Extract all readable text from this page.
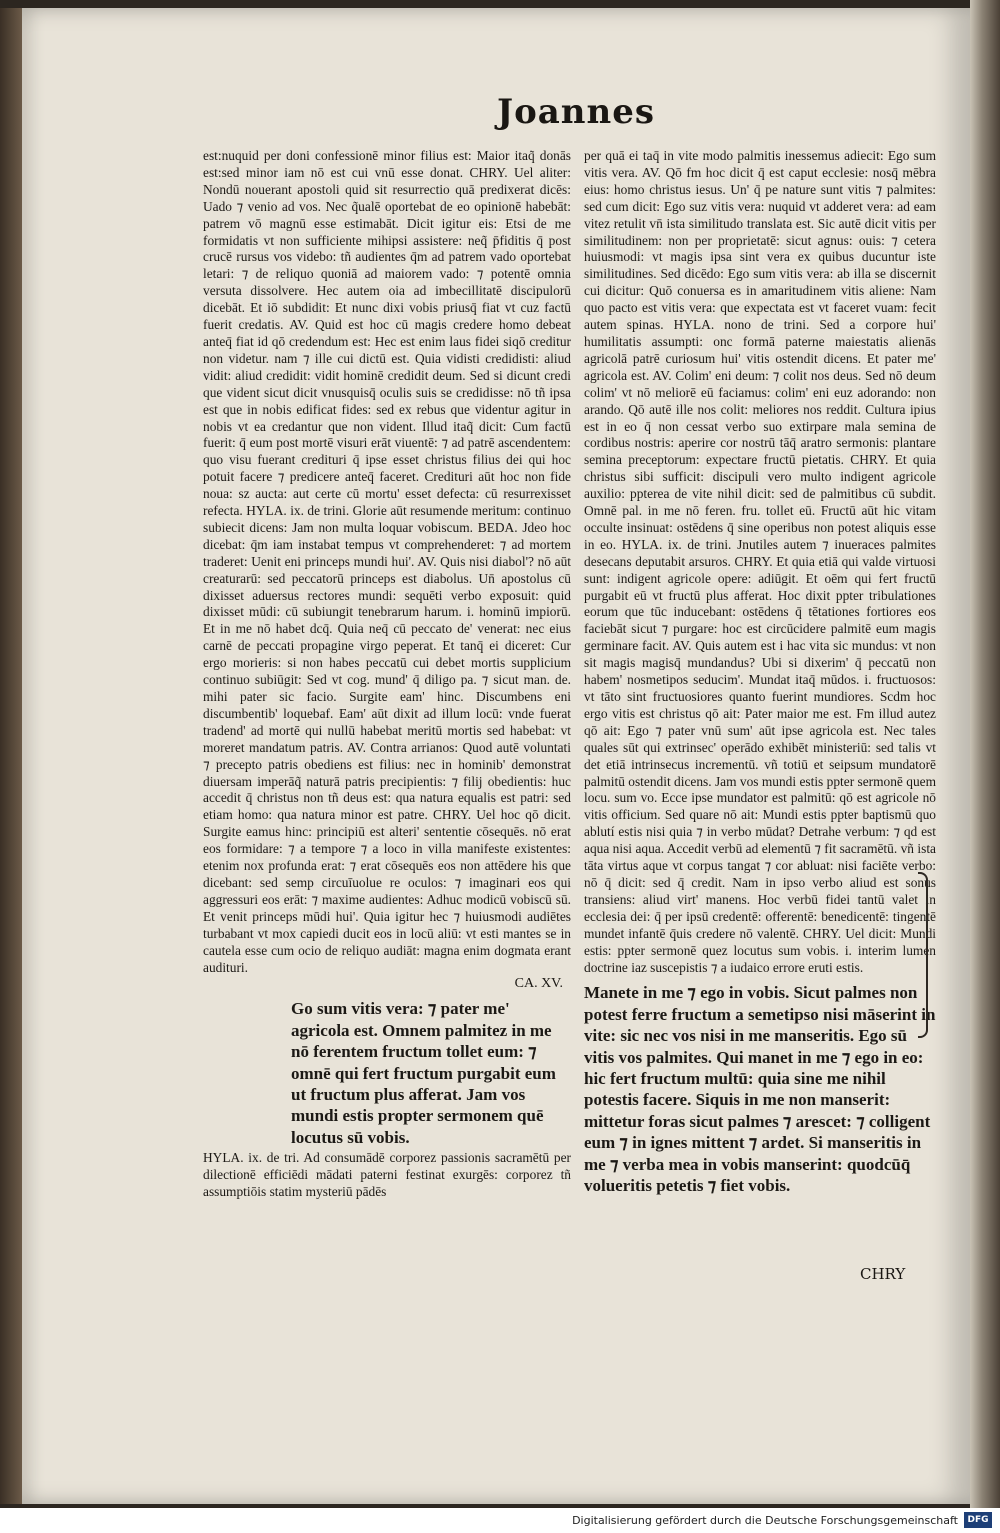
Joannes

est:nuquid per doni confessionē minor filius est: Maior itaq̃ donās est:sed minor iam nō est cui vnū esse donat. CHRY. Uel aliter: Nondū nouerant apostoli quid sit resurrectio quā predixerat dicēs: Uado ⁊ venio ad vos. Nec q̃ualē oportebat de eo opinionē habebāt: patrem vō magnū esse estimabāt. Dicit igitur eis: Etsi de me formidatis vt non sufficiente mihipsi assistere: neq̃ p̄fiditis q̄ post crucē rursus vos videbo: tñ audientes q̄m ad patrem vado oportebat letari: ⁊ de reliquo quoniā ad maiorem vado: ⁊ potentē omnia versuta dissolvere. Hec autem oia ad imbecillitatē discipulorū dicebāt. Et iō subdidit: Et nunc dixi vobis priusq̄ fiat vt cuz factū fuerit credatis. AV. Quid est hoc cū magis credere homo debeat anteq̄ fiat id qō credendum est: Hec est enim laus fidei siqō creditur non videtur. nam ⁊ ille cui dictū est. Quia vidisti credidisti: aliud vidit: aliud credidit: vidit hominē credidit deum. Sed si dicunt credi que vident sicut dicit vnusquisq̄ oculis suis se credidisse: nō tñ ipsa est que in nobis edificat fides: sed ex rebus que videntur agitur in nobis vt ea credantur que non vident. Illud itaq̃ dicit: Cum factū fuerit: q̄ eum post mortē visuri erāt viuentē: ⁊ ad patrē ascendentem: quo visu fuerant credituri q̄ ipse esset christus filius dei qui hoc potuit facere ⁊ predicere anteq̄ faceret. Credituri aūt hoc non fide noua: sz aucta: aut certe cū mortu' esset defecta: cū resurrexisset refecta. HYLA. ix. de trini. Glorie aūt resumende meritum: continuo subiecit dicens: Jam non multa loquar vobiscum. BEDA. Jdeo hoc dicebat: q̄m iam instabat tempus vt comprehenderet: ⁊ ad mortem traderet: Uenit eni princeps mundi hui'. AV. Quis nisi diabol'? nō aūt creaturarū: sed peccatorū princeps est diabolus. Un̄ apostolus cū dixisset aduersus rectores mundi: sequēti verbo exposuit: quid dixisset mūdi: cū subiungit tenebrarum harum. i. hominū impiorū. Et in me nō habet dcq̄. Quia neq̄ cū peccato de' venerat: nec eius carnē de peccati propagine virgo peperat. Et tanq̄ ei diceret: Cur ergo morieris: si non habes peccatū cui debet mortis supplicium continuo subiūgit: Sed vt cog. mund' q̄ diligo pa. ⁊ sicut man. de. mihi pater sic facio. Surgite eam' hinc. Discumbens eni discumbentib' loquebaf. Eam' aūt dixit ad illum locū: vnde fuerat tradend' ad mortē qui nullū habebat meritū mortis sed habebat: vt moreret mandatum patris. AV. Contra arrianos: Quod autē voluntati ⁊ precepto patris obediens est filius: nec in hominib' demonstrat diuersam imperāq̃ naturā patris precipientis: ⁊ filij obedientis: huc accedit q̄ christus non tñ deus est: qua natura equalis est patri: sed etiam homo: qua natura minor est patre. CHRY. Uel hoc qō dicit. Surgite eamus hinc: principiū est alteri' sententie cōsequēs. nō erat eos formidare: ⁊ a tempore ⁊ a loco in villa manifeste existentes: etenim nox profunda erat: ⁊ erat cōsequēs eos non attēdere his que dicebant: sed semp circuīuolue re oculos: ⁊ imaginari eos qui aggressuri eos erāt: ⁊ maxime audientes: Adhuc modicū vobiscū sū. Et venit princeps mūdi hui'. Quia igitur hec ⁊ huiusmodi audiētes turbabant vt mox capiedi ducit eos in locū aliū: vt esti mantes se in cautela esse cum ocio de reliquo audiāt: magna enim dogmata erant audituri.

CA. XV.

Go sum vitis vera: ⁊ pater me' agricola est. Omnem palmitez in me nō ferentem fructum tollet eum: ⁊ omnē qui fert fructum purgabit eum ut fructum plus afferat. Jam vos mundi estis propter sermonem quē locutus sū vobis.

HYLA. ix. de tri. Ad consumādē corporez passionis sacramētū per dilectionē efficiēdi mādati paterni festinat exurgēs: corporez tñ assumptiōis statim mysteriū pādēs

per quā ei taq̄ in vite modo palmitis inessemus adiecit: Ego sum vitis vera. AV. Qō fm hoc dicit q̄ est caput ecclesie: nosq̄ mēbra eius: homo christus iesus. Un' q̄ pe nature sunt vitis ⁊ palmites: sed cum dicit: Ego suz vitis vera: nuquid vt adderet vera: ad eam vitez retulit vn̄ ista similitudo translata est. Sic autē dicit vitis per similitudinem: non per proprietatē: sicut agnus: ouis: ⁊ cetera huiusmodi: vt magis ipsa sint vera ex quibus ducuntur iste similitudines. Sed dicēdo: Ego sum vitis vera: ab illa se discernit cui dicitur: Quō conuersa es in amaritudinem vitis aliene: Nam quo pacto est vitis vera: que expectata est vt faceret vuam: fecit autem spinas. HYLA. nono de trini. Sed a corpore hui' humilitatis assumpti: onc formā paterne maiestatis alienās agricolā patrē curiosum hui' vitis ostendit dicens. Et pater me' agricola est. AV. Colim' eni deum: ⁊ colit nos deus. Sed nō deum colim' vt nō meliorē eū faciamus: colim' eni euz adorando: non arando. Qō autē ille nos colit: meliores nos reddit. Cultura ipius est in eo q̄ non cessat verbo suo extirpare mala semina de cordibus nostris: aperire cor nostrū tāq̄ aratro sermonis: plantare semina preceptorum: expectare fructū pietatis. CHRY. Et quia christus sibi sufficit: discipuli vero multo indigent agricole auxilio: ppterea de vite nihil dicit: sed de palmitibus cū subdit. Omnē pal. in me nō feren. fru. tollet eū. Fructū aūt hic vitam occulte insinuat: ostēdens q̄ sine operibus non potest aliquis esse in eo. HYLA. ix. de trini. Jnutiles autem ⁊ inueraces palmites desecans deputabit arsuros. CHRY. Et quia etiā qui valde virtuosi sunt: indigent agricole opere: adiūgit. Et oēm qui fert fructū purgabit eū vt fructū plus afferat. Hoc dixit ppter tribulationes eorum que tūc inducebant: ostēdens q̄ tētationes fortiores eos faciebāt sicut ⁊ purgare: hoc est circūcidere palmitē eum magis germinare facit. AV. Quis autem est i hac vita sic mundus: vt non sit magis magisq̄ mundandus? Ubi si dixerim' q̄ peccatū non habem' nosmetipos seducim'. Mundat itaq̄ mūdos. i. fructuosos: vt tāto sint fructuosiores quanto fuerint mundiores. Scdm hoc ergo vitis est christus qō ait: Pater maior me est. Fm illud autez qō ait: Ego ⁊ pater vnū sum' aūt ipse agricola est. Nec tales quales sūt qui extrinsec' operādo exhibēt ministeriū: sed talis vt det etiā intrinsecus incrementū. vñ totiū et seipsum mundatorē palmitū ostendit dicens. Jam vos mundi estis ppter sermonē quem locu. sum vo. Ecce ipse mundator est palmitū: qō est agricole nō vitis officium. Sed quare nō ait: Mundi estis ppter baptismū quo ablutí estis nisi quia ⁊ in verbo mūdat? Detrahe verbum: ⁊ qd est aqua nisi aqua. Accedit verbū ad elementū ⁊ fit sacramētū. vñ ista tāta virtus aque vt corpus tangat ⁊ cor abluat: nisi faciēte verbo: nō q̄ dicit: sed q̄ credit. Nam in ipso verbo aliud est sonus transiens: aliud virt' manens. Hoc verbū fidei tantū valet in ecclesia dei: q̄ per ipsū credentē: offerentē: benedicentē: tingentē mundet infantē q̄uis credere nō valentē. CHRY. Uel dicit: Mundi estis: ppter sermonē quez locutus sum vobis. i. interim lumen doctrine iaz suscepistis ⁊ a iudaico errore eruti estis.

Manete in me ⁊ ego in vobis. Sicut palmes non potest ferre fructum a semetipso nisi māserint in vite: sic nec vos nisi in me manseritis. Ego sū vitis vos palmites. Qui manet in me ⁊ ego in eo: hic fert fructum multū: quia sine me nihil potestis facere. Siquis in me non manserit: mittetur foras sicut palmes ⁊ arescet: ⁊ colligent eum ⁊ in ignes mittent ⁊ ardet. Si manseritis in me ⁊ verba mea in vobis manserint: quodcūq̄ volueritis petetis ⁊ fiet vobis.

CHRY
Digitalisierung gefördert durch die Deutsche Forschungsgemeinschaft	DFG
